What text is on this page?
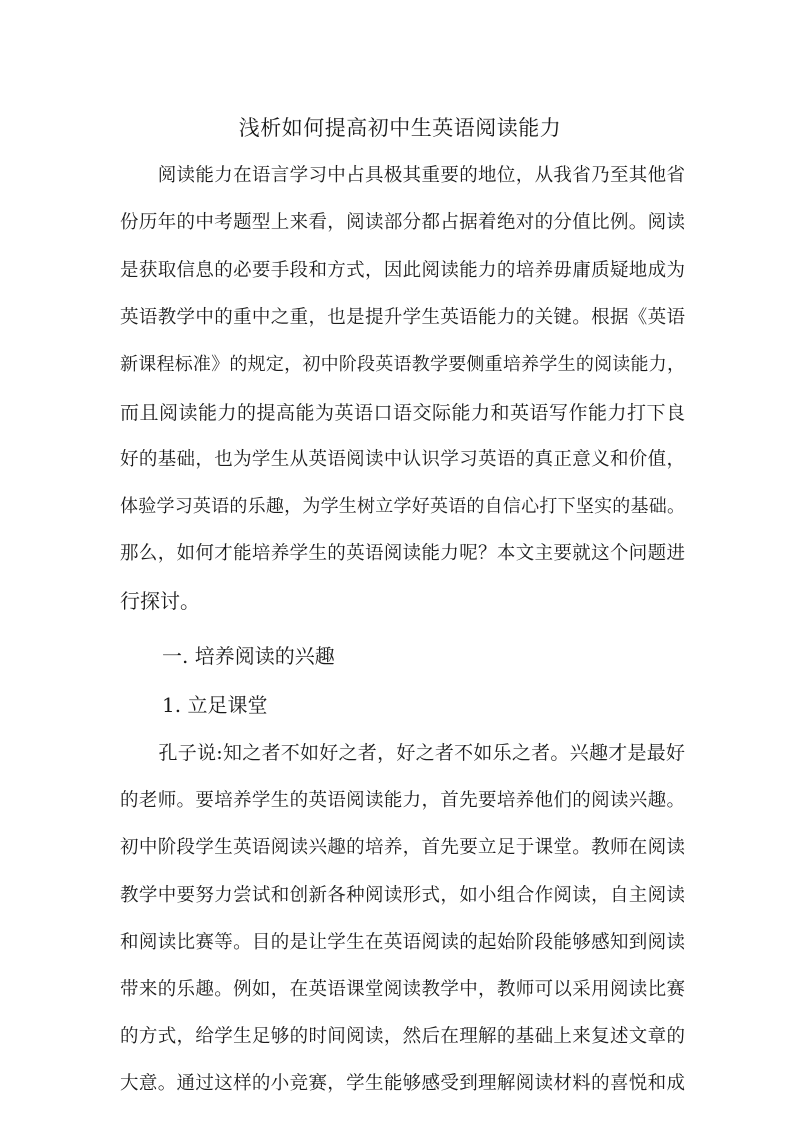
浅析如何提高初中生英语阅读能力
　　阅读能力在语言学习中占具极其重要的地位，从我省乃至其他省
份历年的中考题型上来看，阅读部分都占据着绝对的分值比例。阅读
是获取信息的必要手段和方式，因此阅读能力的培养毋庸质疑地成为
英语教学中的重中之重，也是提升学生英语能力的关键。根据《英语
新课程标准》的规定，初中阶段英语教学要侧重培养学生的阅读能力，
而且阅读能力的提高能为英语口语交际能力和英语写作能力打下良
好的基础，也为学生从英语阅读中认识学习英语的真正意义和价值，
体验学习英语的乐趣，为学生树立学好英语的自信心打下坚实的基础。
那么，如何才能培养学生的英语阅读能力呢？本文主要就这个问题进
行探讨。
一. 培养阅读的兴趣
1. 立足课堂
　　孔子说:知之者不如好之者，好之者不如乐之者。兴趣才是最好
的老师。要培养学生的英语阅读能力，首先要培养他们的阅读兴趣。
初中阶段学生英语阅读兴趣的培养，首先要立足于课堂。教师在阅读
教学中要努力尝试和创新各种阅读形式，如小组合作阅读，自主阅读
和阅读比赛等。目的是让学生在英语阅读的起始阶段能够感知到阅读
带来的乐趣。例如，在英语课堂阅读教学中，教师可以采用阅读比赛
的方式，给学生足够的时间阅读，然后在理解的基础上来复述文章的
大意。通过这样的小竞赛，学生能够感受到理解阅读材料的喜悦和成
